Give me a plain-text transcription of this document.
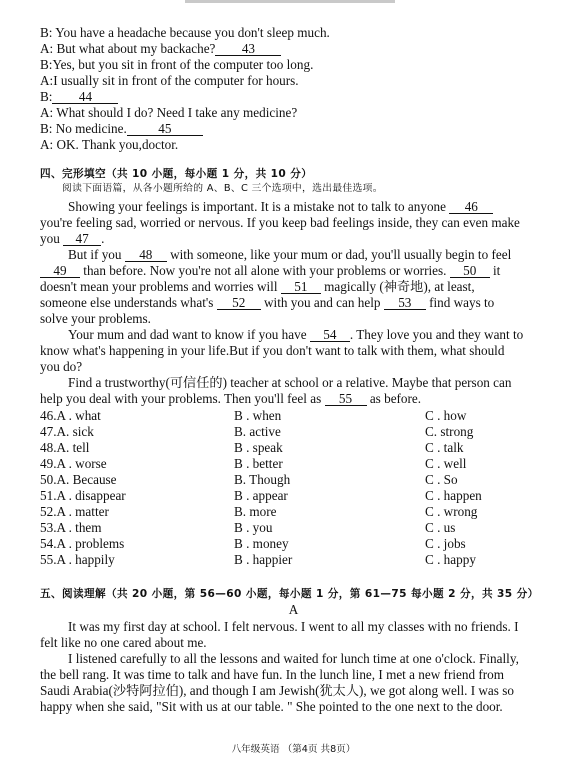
B: You have a headache because you don't sleep much.
A: But what about my backache? 43
B:Yes, but you sit in front of the computer too long.
A:I usually sit in front of the computer for hours.
B: 44
A: What should I do? Need I take any medicine?
B: No medicine. 45
A: OK. Thank you,doctor.
四、完形填空（共 10 小题，每小题 1 分，共 10 分）
阅读下面语篇，从各小题所给的 A、B、C 三个选项中，选出最佳选项。
Showing your feelings is important. It is a mistake not to talk to anyone 46
you're feeling sad, worried or nervous. If you keep bad feelings inside, they can even make
you 47 .
But if you 48 with someone, like your mum or dad, you'll usually begin to feel
49 than before. Now you're not all alone with your problems or worries. 50 it
doesn't mean your problems and worries will 51 magically (神奇地), at least,
someone else understands what's 52 with you and can help 53 find ways to
solve your problems.
Your mum and dad want to know if you have 54 . They love you and they want to
know what's happening in your life.But if you don't want to talk with them, what should
you do?
Find a trustworthy(可信任的) teacher at school or a relative. Maybe that person can
help you deal with your problems. Then you'll feel as 55 as before.
46.A . what	B . when	C . how
47.A. sick	B. active	C. strong
48.A. tell	B . speak	C . talk
49.A . worse	B . better	C . well
50.A. Because	B. Though	C . So
51.A . disappear	B . appear	C . happen
52.A . matter	B. more	C . wrong
53.A . them	B . you	C . us
54.A . problems	B . money	C . jobs
55.A . happily	B . happier	C . happy
五、阅读理解（共 20 小题，第 56—60 小题，每小题 1 分，第 61—75 每小题 2 分，共 35 分）
A
It was my first day at school. I felt nervous. I went to all my classes with no friends. I
felt like no one cared about me.
I listened carefully to all the lessons and waited for lunch time at one o'clock. Finally,
the bell rang. It was time to talk and have fun. In the lunch line, I met a new friend from
Saudi Arabia(沙特阿拉伯), and though I am Jewish(犹太人), we got along well. I was so
happy when she said, "Sit with us at our table. " She pointed to the one next to the door.
八年级英语 （第4页 共8页）
